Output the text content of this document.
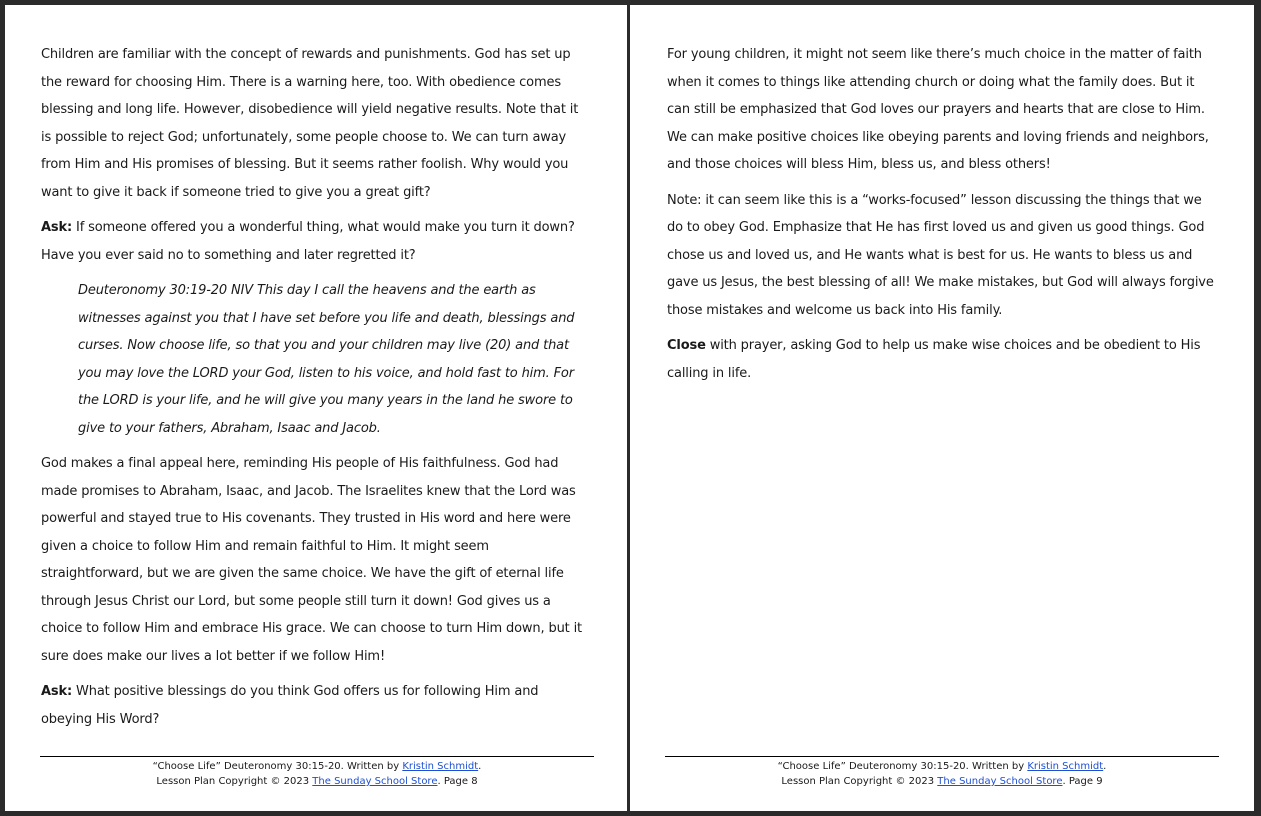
Children are familiar with the concept of rewards and punishments. God has set up the reward for choosing Him. There is a warning here, too. With obedience comes blessing and long life. However, disobedience will yield negative results. Note that it is possible to reject God; unfortunately, some people choose to. We can turn away from Him and His promises of blessing. But it seems rather foolish. Why would you want to give it back if someone tried to give you a great gift?

Ask: If someone offered you a wonderful thing, what would make you turn it down? Have you ever said no to something and later regretted it?

Deuteronomy 30:19-20 NIV This day I call the heavens and the earth as witnesses against you that I have set before you life and death, blessings and curses. Now choose life, so that you and your children may live (20) and that you may love the LORD your God, listen to his voice, and hold fast to him. For the LORD is your life, and he will give you many years in the land he swore to give to your fathers, Abraham, Isaac and Jacob.

God makes a final appeal here, reminding His people of His faithfulness. God had made promises to Abraham, Isaac, and Jacob. The Israelites knew that the Lord was powerful and stayed true to His covenants. They trusted in His word and here were given a choice to follow Him and remain faithful to Him. It might seem straightforward, but we are given the same choice. We have the gift of eternal life through Jesus Christ our Lord, but some people still turn it down! God gives us a choice to follow Him and embrace His grace. We can choose to turn Him down, but it sure does make our lives a lot better if we follow Him!

Ask: What positive blessings do you think God offers us for following Him and obeying His Word?

“Choose Life” Deuteronomy 30:15-20. Written by Kristin Schmidt.
Lesson Plan Copyright © 2023 The Sunday School Store. Page 8

For young children, it might not seem like there’s much choice in the matter of faith when it comes to things like attending church or doing what the family does. But it can still be emphasized that God loves our prayers and hearts that are close to Him. We can make positive choices like obeying parents and loving friends and neighbors, and those choices will bless Him, bless us, and bless others!

Note: it can seem like this is a “works-focused” lesson discussing the things that we do to obey God. Emphasize that He has first loved us and given us good things. God chose us and loved us, and He wants what is best for us. He wants to bless us and gave us Jesus, the best blessing of all! We make mistakes, but God will always forgive those mistakes and welcome us back into His family.

Close with prayer, asking God to help us make wise choices and be obedient to His calling in life.

“Choose Life” Deuteronomy 30:15-20. Written by Kristin Schmidt.
Lesson Plan Copyright © 2023 The Sunday School Store. Page 9
